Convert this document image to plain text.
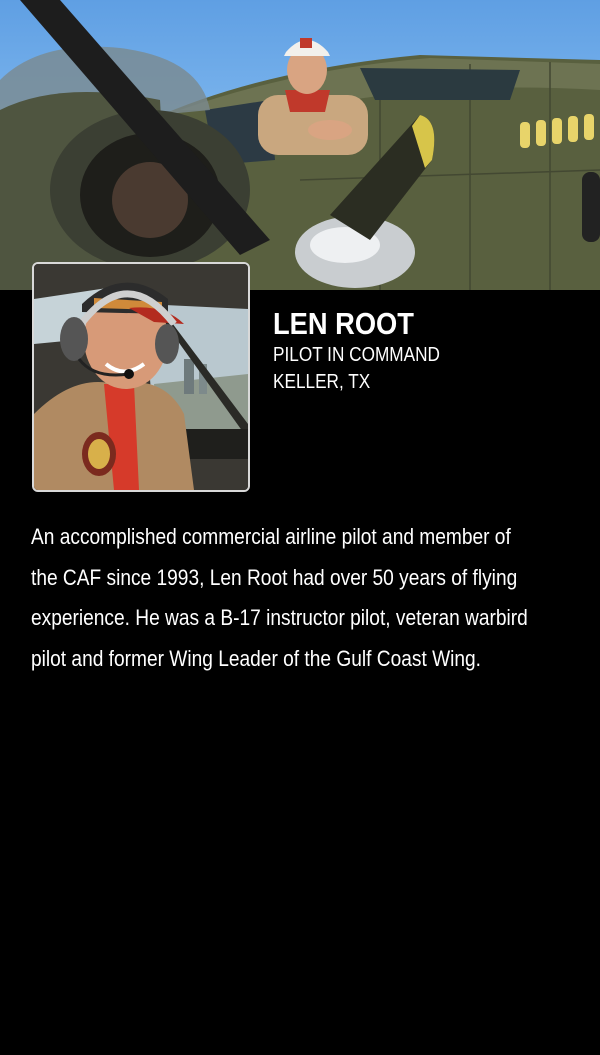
LEN ROOT

PILOT IN COMMAND

KELLER, TX

An accomplished commercial airline pilot and member of
the CAF since 1993, Len Root had over 50 years of flying
experience. He was a B-17 instructor pilot, veteran warbird
pilot and former Wing Leader of the Gulf Coast Wing.
